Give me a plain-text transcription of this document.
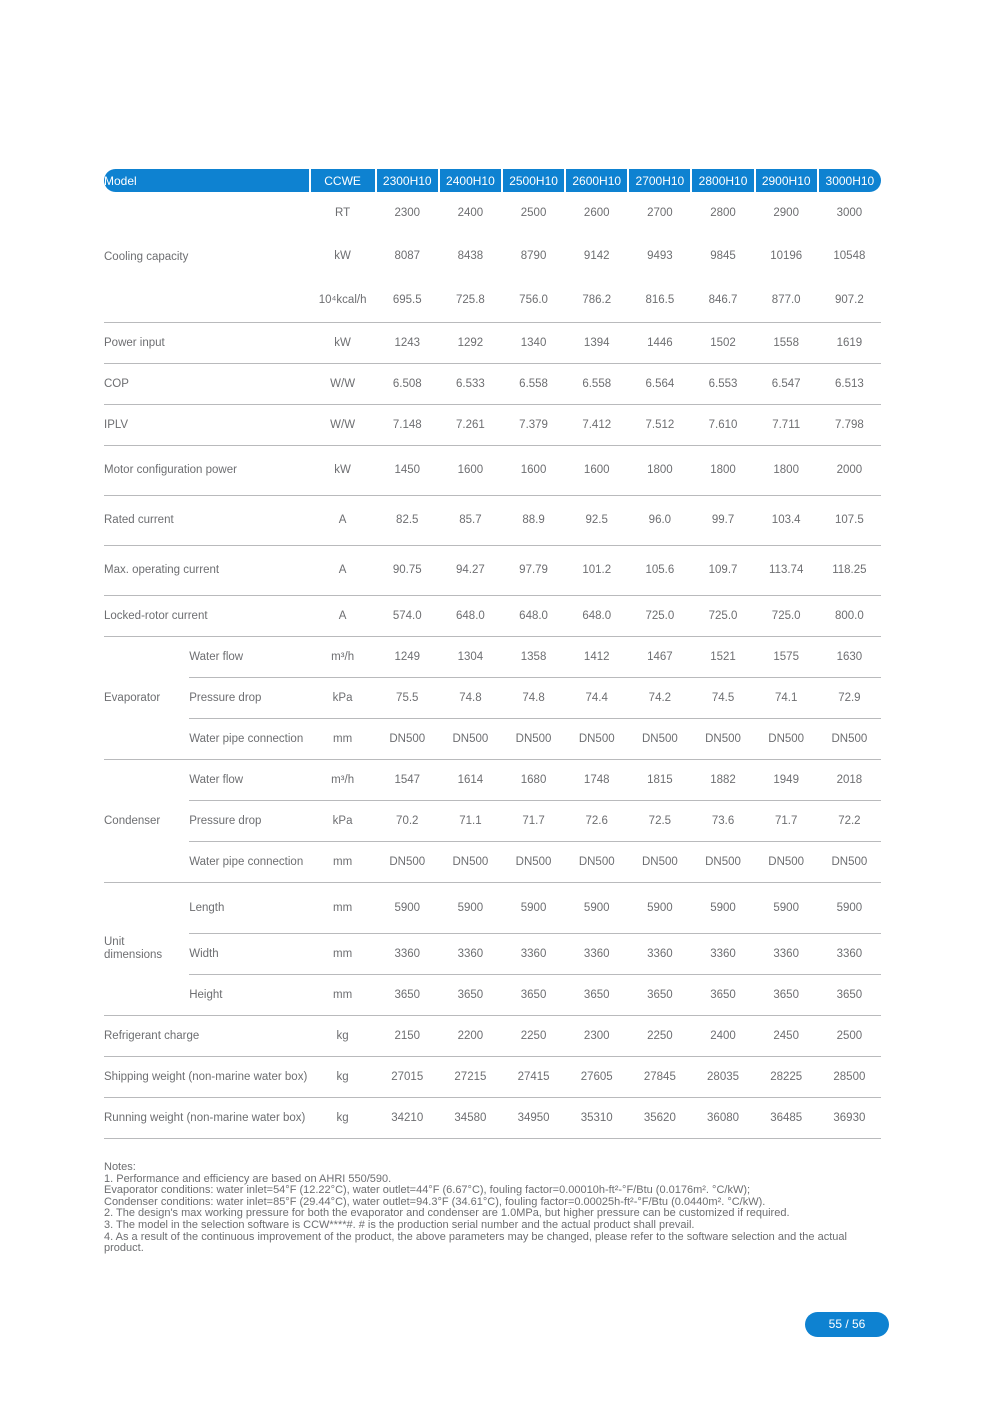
Model		CCWE	2300H10	2400H10	2500H10	2600H10	2700H10	2800H10	2900H10	3000H10
Cooling capacity		RT	2300	2400	2500	2600	2700	2800	2900	3000
		kW	8087	8438	8790	9142	9493	9845	10196	10548
		10⁴kcal/h	695.5	725.8	756.0	786.2	816.5	846.7	877.0	907.2
Power input		kW	1243	1292	1340	1394	1446	1502	1558	1619
COP		W/W	6.508	6.533	6.558	6.558	6.564	6.553	6.547	6.513
IPLV		W/W	7.148	7.261	7.379	7.412	7.512	7.610	7.711	7.798
Motor configuration power		kW	1450	1600	1600	1600	1800	1800	1800	2000
Rated current		A	82.5	85.7	88.9	92.5	96.0	99.7	103.4	107.5
Max. operating current		A	90.75	94.27	97.79	101.2	105.6	109.7	113.74	118.25
Locked-rotor current		A	574.0	648.0	648.0	648.0	725.0	725.0	725.0	800.0
Evaporator	Water flow	m³/h	1249	1304	1358	1412	1467	1521	1575	1630
	Pressure drop	kPa	75.5	74.8	74.8	74.4	74.2	74.5	74.1	72.9
	Water pipe connection	mm	DN500	DN500	DN500	DN500	DN500	DN500	DN500	DN500
Condenser	Water flow	m³/h	1547	1614	1680	1748	1815	1882	1949	2018
	Pressure drop	kPa	70.2	71.1	71.7	72.6	72.5	73.6	71.7	72.2
	Water pipe connection	mm	DN500	DN500	DN500	DN500	DN500	DN500	DN500	DN500
Unit dimensions	Length	mm	5900	5900	5900	5900	5900	5900	5900	5900
	Width	mm	3360	3360	3360	3360	3360	3360	3360	3360
	Height	mm	3650	3650	3650	3650	3650	3650	3650	3650
Refrigerant charge		kg	2150	2200	2250	2300	2250	2400	2450	2500
Shipping weight (non-marine water box)		kg	27015	27215	27415	27605	27845	28035	28225	28500
Running weight (non-marine water box)		kg	34210	34580	34950	35310	35620	36080	36485	36930
Notes:
1. Performance and efficiency are based on AHRI 550/590.
Evaporator conditions: water inlet=54°F (12.22°C), water outlet=44°F (6.67°C), fouling factor=0.00010h-ft²-°F/Btu (0.0176m². °C/kW);
Condenser conditions: water inlet=85°F (29.44°C), water outlet=94.3°F (34.61°C), fouling factor=0.00025h-ft²-°F/Btu (0.0440m². °C/kW).
2. The design's max working pressure for both the evaporator and condenser are 1.0MPa, but higher pressure can be customized if required.
3. The model in the selection software is CCW****#. # is the production serial number and the actual product shall prevail.
4. As a result of the continuous improvement of the product, the above parameters may be changed, please refer to the software selection and the actual product.
55 / 56
